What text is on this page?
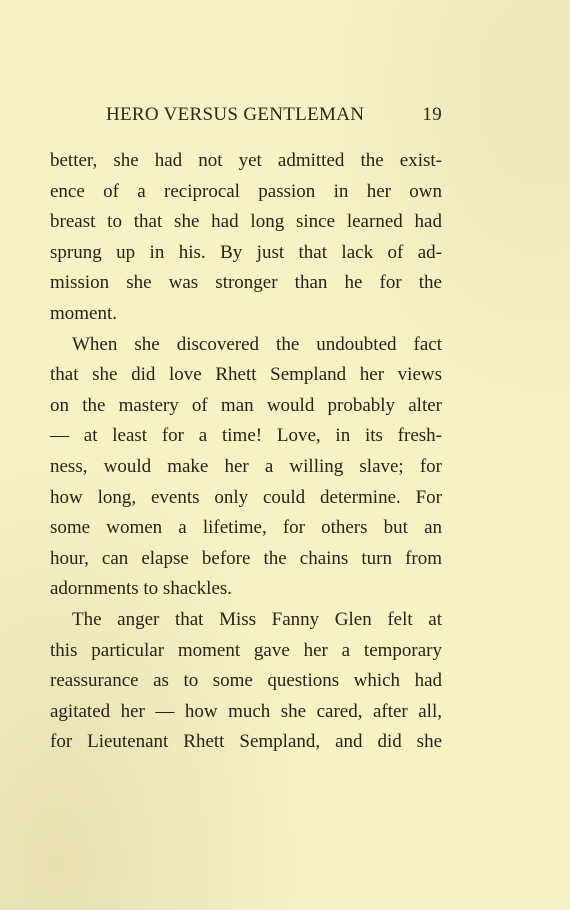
HERO VERSUS GENTLEMAN	19
better, she had not yet admitted the exist-
ence of a reciprocal passion in her own
breast to that she had long since learned had
sprung up in his. By just that lack of ad-
mission she was stronger than he for the
moment.
When she discovered the undoubted fact
that she did love Rhett Sempland her views
on the mastery of man would probably alter
— at least for a time! Love, in its fresh-
ness, would make her a willing slave; for
how long, events only could determine. For
some women a lifetime, for others but an
hour, can elapse before the chains turn from
adornments to shackles.
The anger that Miss Fanny Glen felt at
this particular moment gave her a temporary
reassurance as to some questions which had
agitated her — how much she cared, after all,
for Lieutenant Rhett Sempland, and did she
